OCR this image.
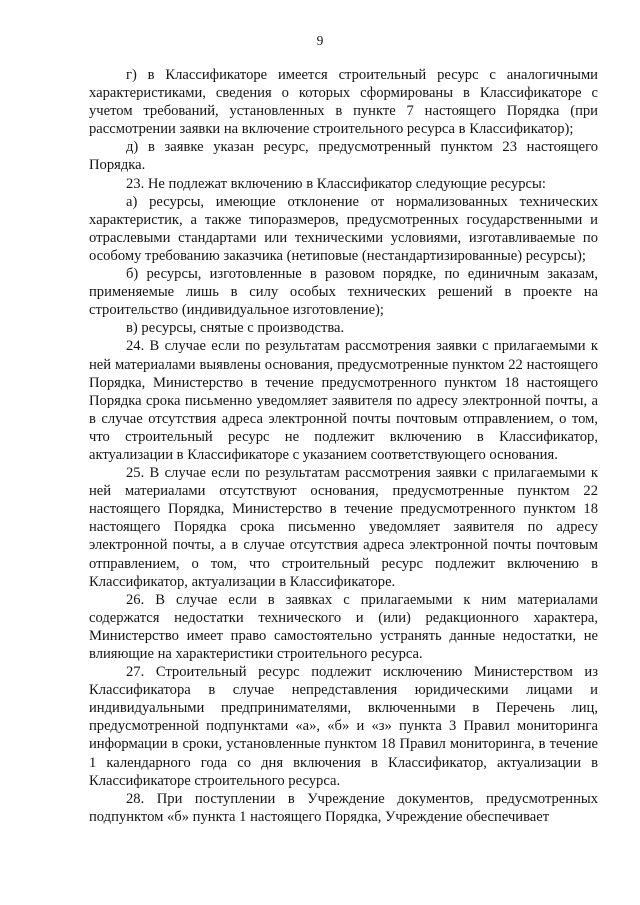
9

г) в Классификаторе имеется строительный ресурс с аналогичными характеристиками, сведения о которых сформированы в Классификаторе с учетом требований, установленных в пункте 7 настоящего Порядка (при рассмотрении заявки на включение строительного ресурса в Классификатор);

д) в заявке указан ресурс, предусмотренный пунктом 23 настоящего Порядка.

23. Не подлежат включению в Классификатор следующие ресурсы:

а) ресурсы, имеющие отклонение от нормализованных технических характеристик, а также типоразмеров, предусмотренных государственными и отраслевыми стандартами или техническими условиями, изготавливаемые по особому требованию заказчика (нетиповые (нестандартизированные) ресурсы);

б) ресурсы, изготовленные в разовом порядке, по единичным заказам, применяемые лишь в силу особых технических решений в проекте на строительство (индивидуальное изготовление);

в) ресурсы, снятые с производства.

24. В случае если по результатам рассмотрения заявки с прилагаемыми к ней материалами выявлены основания, предусмотренные пунктом 22 настоящего Порядка, Министерство в течение предусмотренного пунктом 18 настоящего Порядка срока письменно уведомляет заявителя по адресу электронной почты, а в случае отсутствия адреса электронной почты почтовым отправлением, о том, что строительный ресурс не подлежит включению в Классификатор, актуализации в Классификаторе с указанием соответствующего основания.

25. В случае если по результатам рассмотрения заявки с прилагаемыми к ней материалами отсутствуют основания, предусмотренные пунктом 22 настоящего Порядка, Министерство в течение предусмотренного пунктом 18 настоящего Порядка срока письменно уведомляет заявителя по адресу электронной почты, а в случае отсутствия адреса электронной почты почтовым отправлением, о том, что строительный ресурс подлежит включению в Классификатор, актуализации в Классификаторе.

26. В случае если в заявках с прилагаемыми к ним материалами содержатся недостатки технического и (или) редакционного характера, Министерство имеет право самостоятельно устранять данные недостатки, не влияющие на характеристики строительного ресурса.

27. Строительный ресурс подлежит исключению Министерством из Классификатора в случае непредставления юридическими лицами и индивидуальными предпринимателями, включенными в Перечень лиц, предусмотренной подпунктами «а», «б» и «з» пункта 3 Правил мониторинга информации в сроки, установленные пунктом 18 Правил мониторинга, в течение 1 календарного года со дня включения в Классификатор, актуализации в Классификаторе строительного ресурса.

28. При поступлении в Учреждение документов, предусмотренных подпунктом «б» пункта 1 настоящего Порядка, Учреждение обеспечивает
